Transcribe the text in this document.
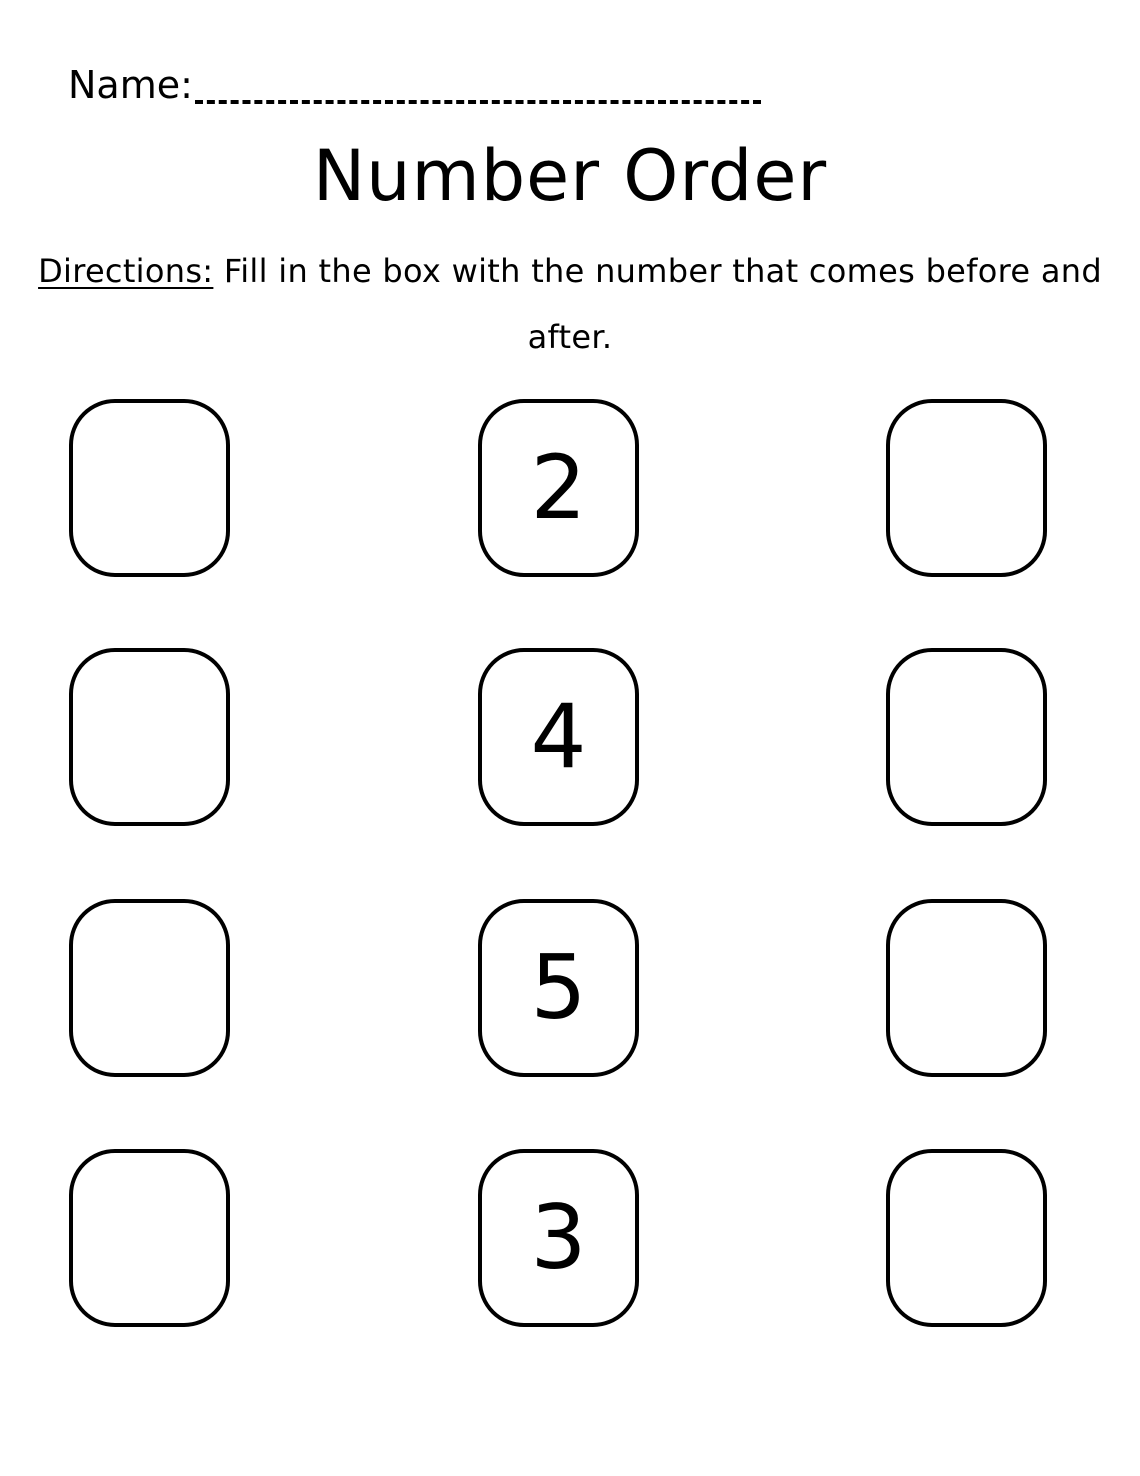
Name:
Number Order
Directions: Fill in the box with the number that comes before and after.
2
4
5
3
